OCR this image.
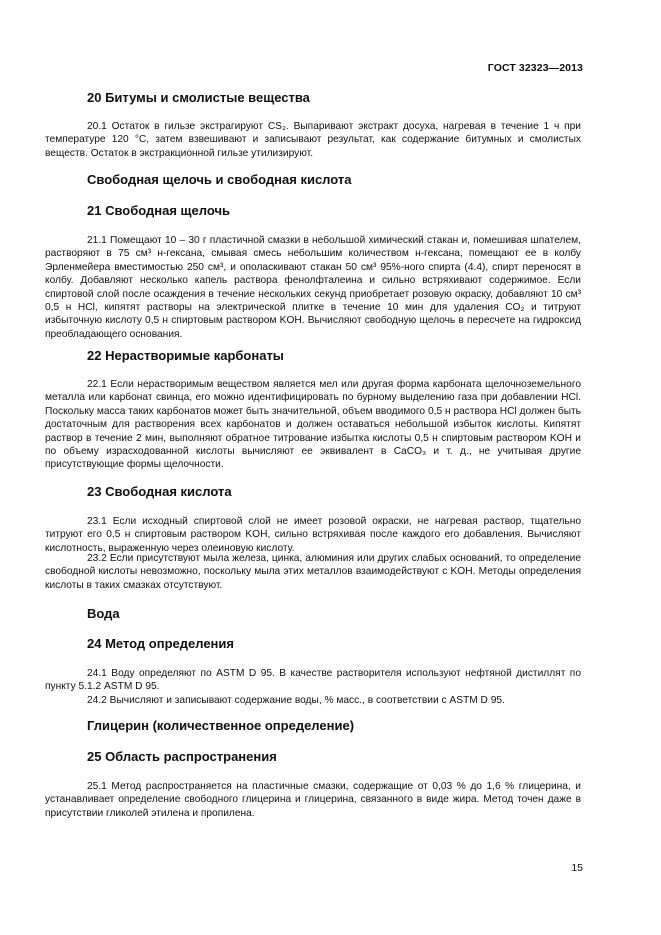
ГОСТ 32323—2013
20 Битумы и смолистые вещества

20.1 Остаток в гильзе экстрагируют CS₂. Выпаривают экстракт досуха, нагревая в течение 1 ч при температуре 120 °С, затем взвешивают и записывают результат, как содержание битумных и смолистых веществ. Остаток в экстракционной гильзе утилизируют.

Свободная щелочь и свободная кислота
21 Свободная щелочь

21.1 Помещают 10 – 30 г пластичной смазки в небольшой химический стакан и, помешивая шпателем, растворяют в 75 см³ н-гексана, смывая смесь небольшим количеством н-гексана, помещают ее в колбу Эрленмейера вместимостью 250 см³, и ополаскивают стакан 50 см³ 95%-ного спирта (4.4), спирт переносят в колбу. Добавляют несколько капель раствора фенолфталеина и сильно встряхивают содержимое. Если спиртовой слой после осаждения в течение нескольких секунд приобретает розовую окраску, добавляют 10 см³ 0,5 н HCl, кипятят растворы на электрической плитке в течение 10 мин для удаления CO₂ и титруют избыточную кислоту 0,5 н спиртовым раствором KOH. Вычисляют свободную щелочь в пересчете на гидроксид преобладающего основания.

22 Нерастворимые карбонаты

22.1 Если нерастворимым веществом является мел или другая форма карбоната щелочноземельного металла или карбонат свинца, его можно идентифицировать по бурному выделению газа при добавлении HCl. Поскольку масса таких карбонатов может быть значительной, объем вводимого 0,5 н раствора HCl должен быть достаточным для растворения всех карбонатов и должен оставаться небольшой избыток кислоты. Кипятят раствор в течение 2 мин, выполняют обратное титрование избытка кислоты 0,5 н спиртовым раствором KOH и по объему израсходованной кислоты вычисляют ее эквивалент в CaCO₃ и т. д., не учитывая другие присутствующие формы щелочности.

23 Свободная кислота

23.1 Если исходный спиртовой слой не имеет розовой окраски, не нагревая раствор, тщательно титруют его 0,5 н спиртовым раствором KOH, сильно встряхивая после каждого его добавления. Вычисляют кислотность, выраженную через олеиновую кислоту.

23.2 Если присутствуют мыла железа, цинка, алюминия или других слабых оснований, то определение свободной кислоты невозможно, поскольку мыла этих металлов взаимодействуют с KOH. Методы определения кислоты в таких смазках отсутствуют.

Вода
24 Метод определения

24.1 Воду определяют по ASTM D 95. В качестве растворителя используют нефтяной дистиллят по пункту 5.1.2 ASTM D 95.

24.2 Вычисляют и записывают содержание воды, % масс., в соответствии с ASTM D 95.

Глицерин (количественное определение)
25 Область распространения

25.1 Метод распространяется на пластичные смазки, содержащие от 0,03 % до 1,6 % глицерина, и устанавливает определение свободного глицерина и глицерина, связанного в виде жира. Метод точен даже в присутствии гликолей этилена и пропилена.

15
